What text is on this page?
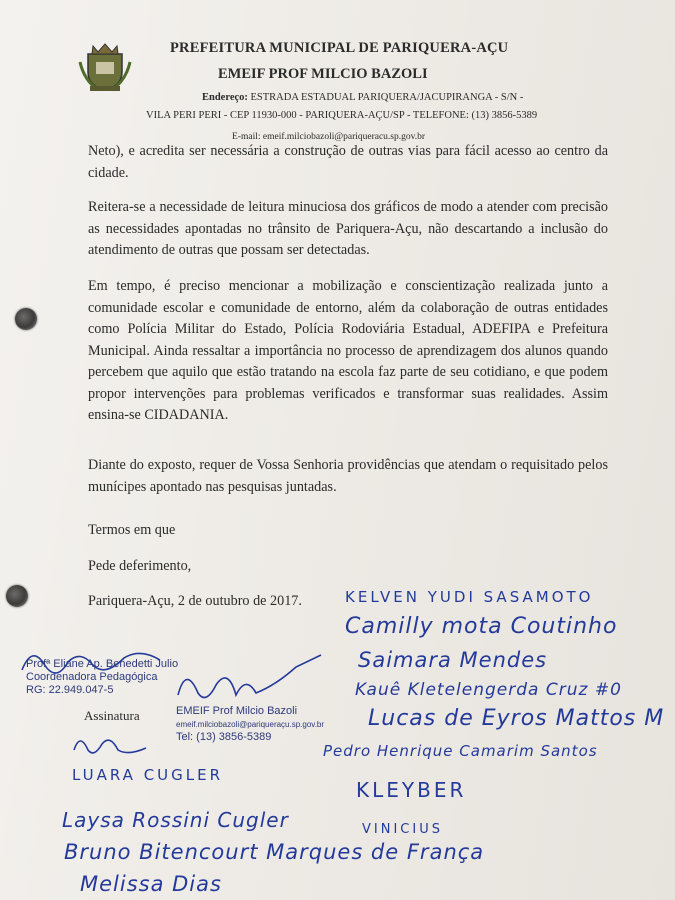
PREFEITURA MUNICIPAL DE PARIQUERA-AÇU
EMEIF PROF MILCIO BAZOLI
Endereço: ESTRADA ESTADUAL PARIQUERA/JACUPIRANGA - S/N -
VILA PERI PERI - CEP 11930-000 - PARIQUERA-AÇU/SP - TELEFONE: (13) 3856-5389
E-mail: emeif.milciobazoli@pariqueracu.sp.gov.br
Neto), e acredita ser necessária a construção de outras vias para fácil acesso ao centro da cidade.
Reitera-se a necessidade de leitura minuciosa dos gráficos de modo a atender com precisão as necessidades apontadas no trânsito de Pariquera-Açu, não descartando a inclusão do atendimento de outras que possam ser detectadas.
Em tempo, é preciso mencionar a mobilização e conscientização realizada junto a comunidade escolar e comunidade de entorno, além da colaboração de outras entidades como Polícia Militar do Estado, Polícia Rodoviária Estadual, ADEFIPA e Prefeitura Municipal. Ainda ressaltar a importância no processo de aprendizagem dos alunos quando percebem que aquilo que estão tratando na escola faz parte de seu cotidiano, e que podem propor intervenções para problemas verificados e transformar suas realidades. Assim ensina-se CIDADANIA.
Diante do exposto, requer de Vossa Senhoria providências que atendam o requisitado pelos munícipes apontado nas pesquisas juntadas.
Termos em que
Pede deferimento,
Pariquera-Açu, 2 de outubro de 2017.
Profª Eliane Ap. Benedetti Julio
Coordenadora Pedagógica
RG: 22.949.047-5
Assinatura	EMEIF Prof Milcio Bazoli
emeif.milciobazoli@pariqueraçu.sp.gov.br
Tel: (13) 3856-5389
KELVEN YUDI SASAMOTO
Camilly mota Coutinho
Saimara Mendes
Kauê Kletelengerda Cruz #0
Lucas de Eyros Mattos M
Pedro Henrique Camarim Santos
LUARA CUGLER
KLEYBER
Laysa Rossini Cugler	VINICIUS
Bruno Bitencourt Marques de França
Melissa Dias
